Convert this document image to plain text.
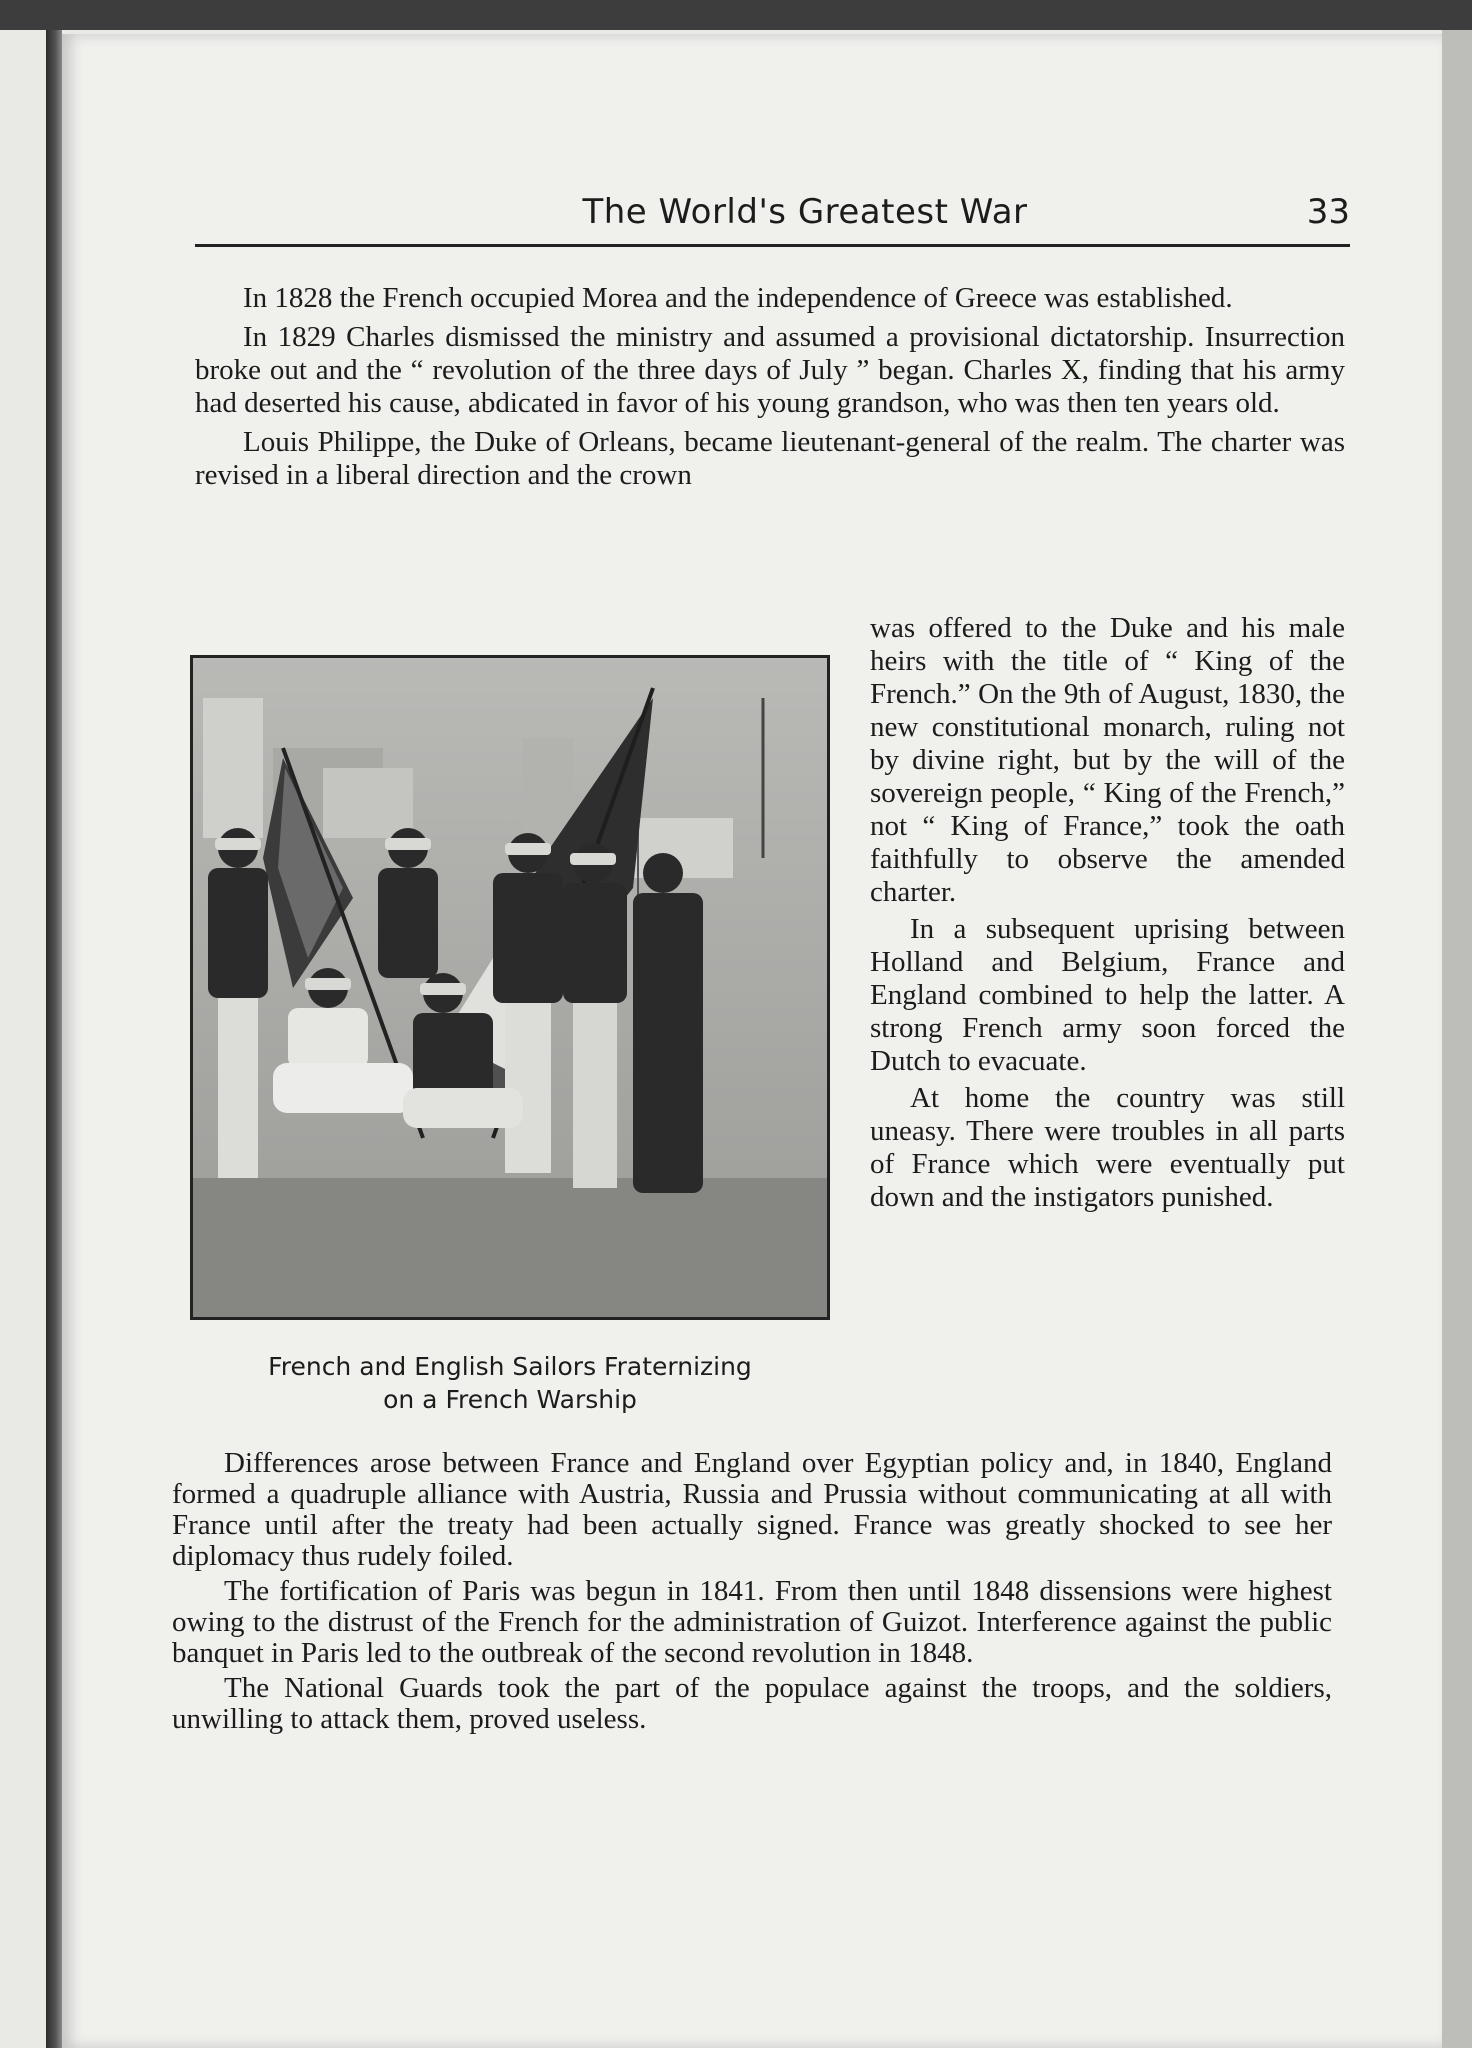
The World's Greatest War	33

In 1828 the French occupied Morea and the independence of Greece was established.

In 1829 Charles dismissed the ministry and assumed a provisional dictatorship. Insurrection broke out and the “ revolution of the three days of July ” began. Charles X, finding that his army had deserted his cause, abdicated in favor of his young grandson, who was then ten years old.

Louis Philippe, the Duke of Orleans, became lieutenant-general of the realm. The charter was revised in a liberal direction and the crown

French and English Sailors Fraternizing
on a French Warship

was offered to the Duke and his male heirs with the title of “ King of the French.” On the 9th of August, 1830, the new constitutional monarch, ruling not by divine right, but by the will of the sovereign people, “ King of the French,” not “ King of France,” took the oath faithfully to observe the amended charter.

In a subsequent uprising between Holland and Belgium, France and England combined to help the latter. A strong French army soon forced the Dutch to evacuate.

At home the country was still uneasy. There were troubles in all parts of France which were eventually put down and the instigators punished.

Differences arose between France and England over Egyptian policy and, in 1840, England formed a quadruple alliance with Austria, Russia and Prussia without communicating at all with France until after the treaty had been actually signed. France was greatly shocked to see her diplomacy thus rudely foiled.

The fortification of Paris was begun in 1841. From then until 1848 dissensions were highest owing to the distrust of the French for the administration of Guizot. Interference against the public banquet in Paris led to the outbreak of the second revolution in 1848.

The National Guards took the part of the populace against the troops, and the soldiers, unwilling to attack them, proved useless.
